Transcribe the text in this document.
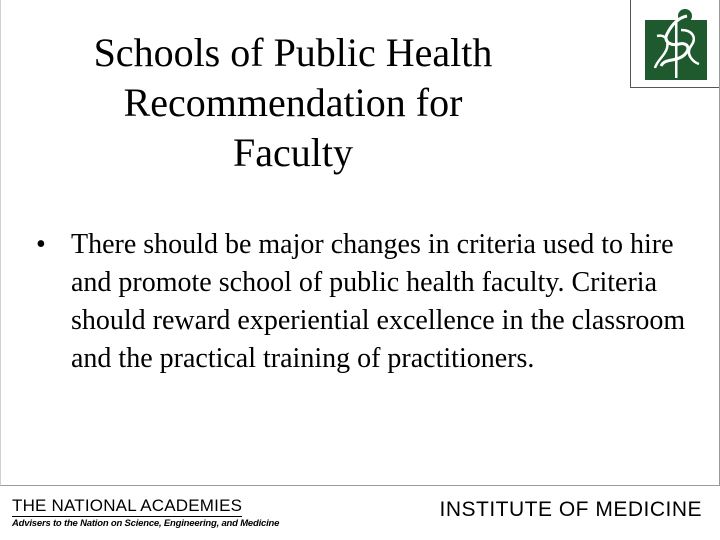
Schools of Public Health
Recommendation for
Faculty
• There should be major changes in criteria used to hire and promote school of public health faculty. Criteria should reward experiential excellence in the classroom and the practical training of practitioners.
THE NATIONAL ACADEMIES
Advisers to the Nation on Science, Engineering, and Medicine
INSTITUTE OF MEDICINE
